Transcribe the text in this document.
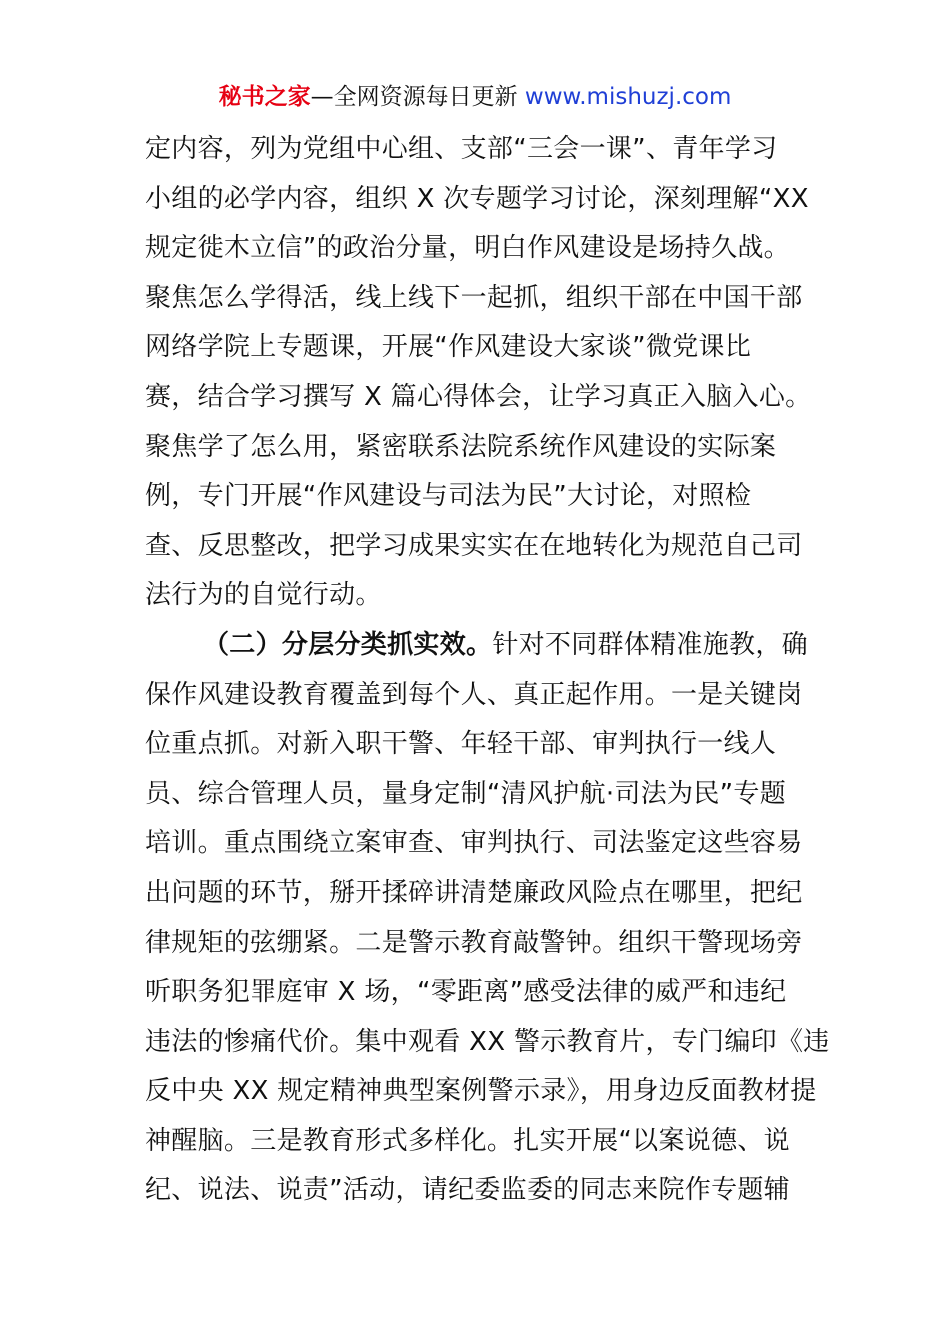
秘书之家—全网资源每日更新 www.mishuzj.com
定内容，列为党组中心组、支部“三会一课”、青年学习
小组的必学内容，组织 X 次专题学习讨论，深刻理解“XX
规定徙木立信”的政治分量，明白作风建设是场持久战。
聚焦怎么学得活，线上线下一起抓，组织干部在中国干部
网络学院上专题课，开展“作风建设大家谈”微党课比
赛，结合学习撰写 X 篇心得体会，让学习真正入脑入心。
聚焦学了怎么用，紧密联系法院系统作风建设的实际案
例，专门开展“作风建设与司法为民”大讨论，对照检
查、反思整改，把学习成果实实在在地转化为规范自己司
法行为的自觉行动。
（二）分层分类抓实效。针对不同群体精准施教，确
保作风建设教育覆盖到每个人、真正起作用。一是关键岗
位重点抓。对新入职干警、年轻干部、审判执行一线人
员、综合管理人员，量身定制“清风护航·司法为民”专题
培训。重点围绕立案审查、审判执行、司法鉴定这些容易
出问题的环节，掰开揉碎讲清楚廉政风险点在哪里，把纪
律规矩的弦绷紧。二是警示教育敲警钟。组织干警现场旁
听职务犯罪庭审 X 场，“零距离”感受法律的威严和违纪
违法的惨痛代价。集中观看 XX 警示教育片，专门编印《违
反中央 XX 规定精神典型案例警示录》，用身边反面教材提
神醒脑。三是教育形式多样化。扎实开展“以案说德、说
纪、说法、说责”活动，请纪委监委的同志来院作专题辅
